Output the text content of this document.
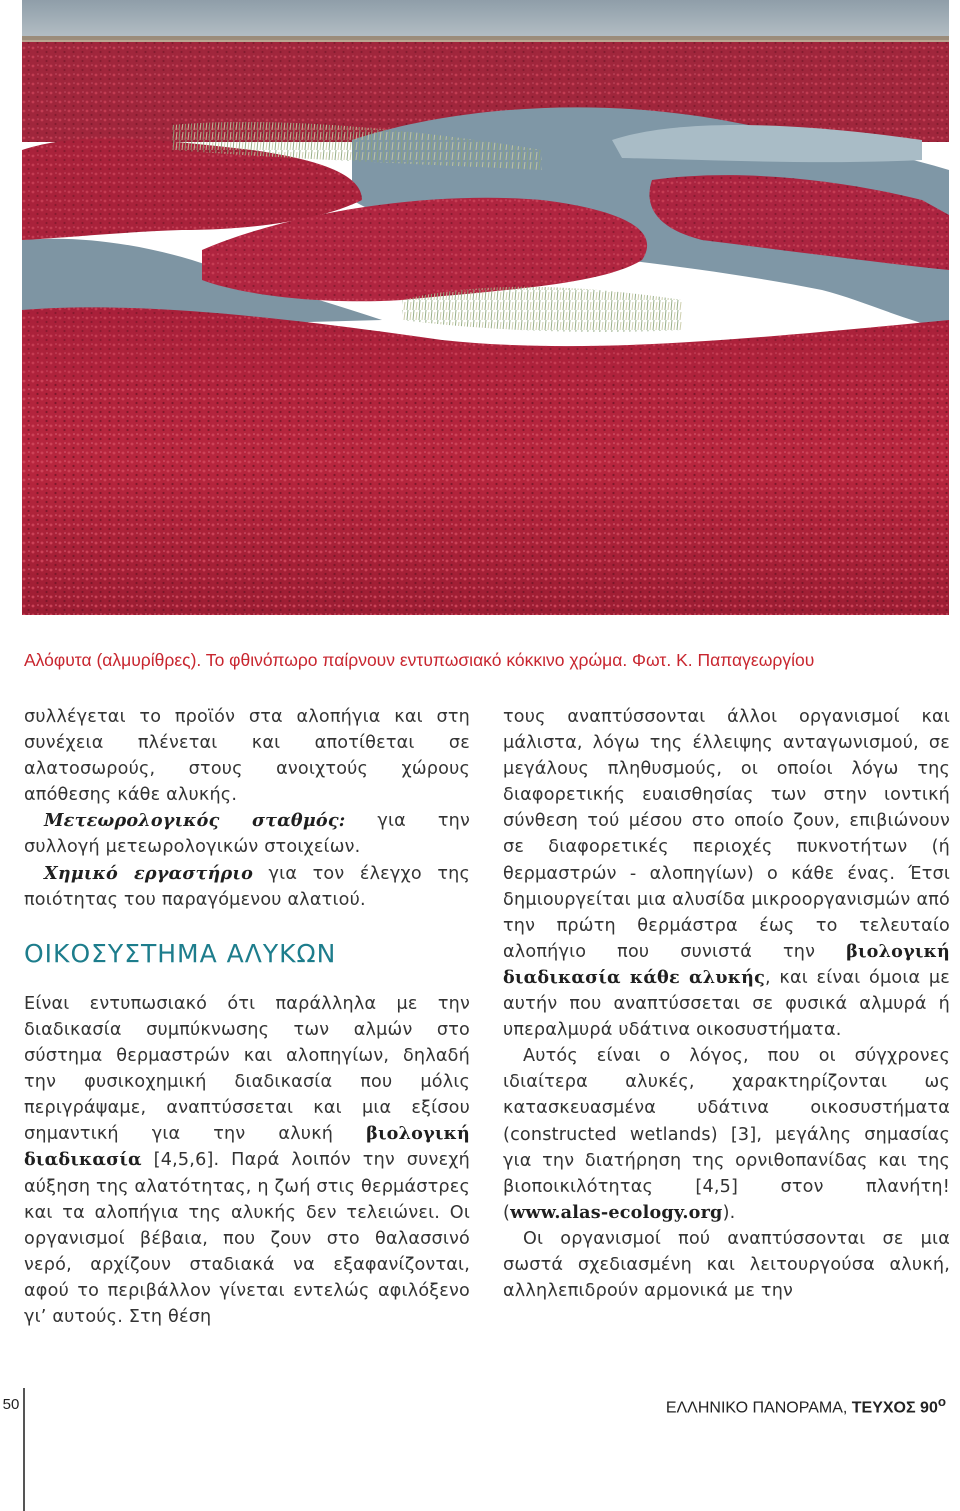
Αλόφυτα (αλμυρίθρες). Το φθινόπωρο παίρνουν εντυπωσιακό κόκκινο χρώμα. Φωτ. Κ. Παπαγεωργίου

συλλέγεται το προϊόν στα αλοπήγια και στη συνέχεια πλένεται και αποτίθεται σε αλατοσωρούς, στους ανοιχτούς χώρους απόθεσης κάθε αλυκής.

Μετεωρολογικός σταθμός: για την συλλογή μετεωρολογικών στοιχείων.

Χημικό εργαστήριο για τον έλεγχο της ποιότητας του παραγόμενου αλατιού.

ΟΙΚΟΣΥΣΤΗΜΑ ΑΛΥΚΩΝ

Είναι εντυπωσιακό ότι παράλληλα με την διαδικασία συμπύκνωσης των αλμών στο σύστημα θερμαστρών και αλοπηγίων, δηλαδή την φυσικοχημική διαδικασία που μόλις περιγράψαμε, αναπτύσσεται και μια εξίσου σημαντική για την αλυκή βιολογική διαδικασία [4,5,6]. Παρά λοιπόν την συνεχή αύξηση της αλατότητας, η ζωή στις θερμάστρες και τα αλοπήγια της αλυκής δεν τελειώνει. Οι οργανισμοί βέβαια, που ζουν στο θαλασσινό νερό, αρχίζουν σταδιακά να εξαφανίζονται, αφού το περιβάλλον γίνεται εντελώς αφιλόξενο γι’ αυτούς. Στη θέση

τους αναπτύσσονται άλλοι οργανισμοί και μάλιστα, λόγω της έλλειψης ανταγωνισμού, σε μεγάλους πληθυσμούς, οι οποίοι λόγω της διαφορετικής ευαισθησίας των στην ιοντική σύνθεση τού μέσου στο οποίο ζουν, επιβιώνουν σε διαφορετικές περιοχές πυκνοτήτων (ή θερμαστρών - αλοπηγίων) ο κάθε ένας. Έτσι δημιουργείται μια αλυσίδα μικροοργανισμών από την πρώτη θερμάστρα έως το τελευταίο αλοπήγιο που συνιστά την βιολογική διαδικασία κάθε αλυκής, και είναι όμοια με αυτήν που αναπτύσσεται σε φυσικά αλμυρά ή υπεραλμυρά υδάτινα οικοσυστήματα.

Αυτός είναι ο λόγος, που οι σύγχρονες ιδιαίτερα αλυκές, χαρακτηρίζονται ως κατασκευασμένα υδάτινα οικοσυστήματα (constructed wetlands) [3], μεγάλης σημασίας για την διατήρηση της ορνιθοπανίδας και της βιοποικιλότητας [4,5] στον πλανήτη! (www.alas-ecology.org).

Οι οργανισμοί πού αναπτύσσονται σε μια σωστά σχεδιασμένη και λειτουργούσα αλυκή, αλληλεπιδρούν αρμονικά με την

50	ΕΛΛΗΝΙΚΟ ΠΑΝΟΡΑΜΑ, ΤΕΥΧΟΣ $90^o$
